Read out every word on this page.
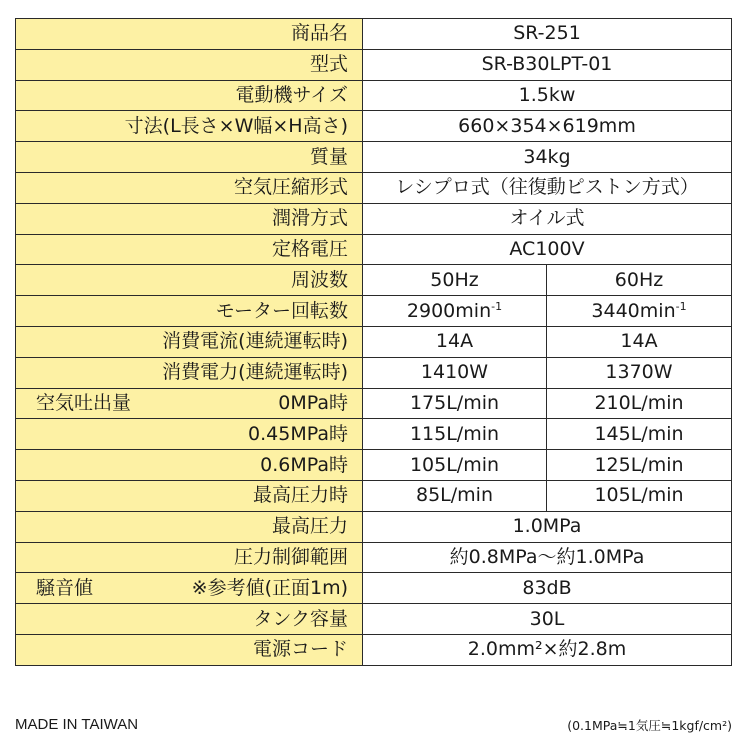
商品名	SR-251	
型式	SR-B30LPT-01	
電動機サイズ	1.5kw	
寸法(L長さ×W幅×H高さ)	660×354×619mm	
質量	34kg	
空気圧縮形式	レシプロ式（往復動ピストン方式）	
潤滑方式	オイル式	
定格電圧	AC100V	
周波数	50Hz	60Hz
モーター回転数	$2900\min^{-1}$	$3440\min^{-1}$
消費電流(連続運転時)	14A	14A
消費電力(連続運転時)	1410W	1370W

空気吐出量 0MPa時	175L/min	210L/min
0.45MPa時	115L/min	145L/min
0.6MPa時	105L/min	125L/min
最高圧力時	85L/min	105L/min
最高圧力	1.0MPa	
圧力制御範囲	約0.8MPa～約1.0MPa	

騒音値 ※参考値(正面1m)	83dB	
タンク容量	30L	
電源コード	2.0mm²×約2.8m	
MADE IN TAIWAN	(0.1MPa≒1気圧≒1kgf/cm²)
